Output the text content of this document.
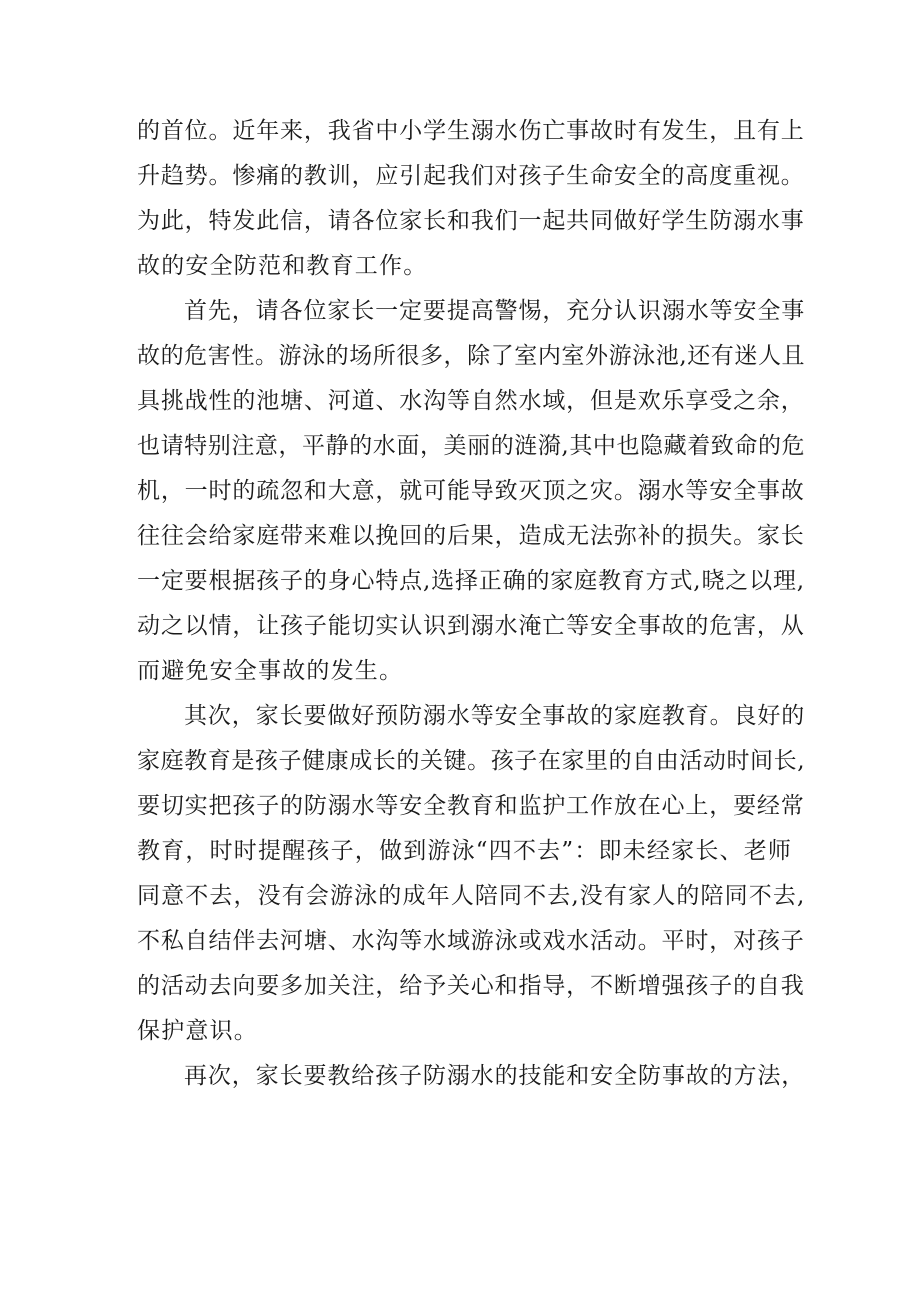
的首位。近年来，我省中小学生溺水伤亡事故时有发生，且有上
升趋势。惨痛的教训，应引起我们对孩子生命安全的高度重视。
为此，特发此信，请各位家长和我们一起共同做好学生防溺水事
故的安全防范和教育工作。
首先，请各位家长一定要提高警惕，充分认识溺水等安全事
故的危害性。游泳的场所很多，除了室内室外游泳池,还有迷人且
具挑战性的池塘、河道、水沟等自然水域，但是欢乐享受之余，
也请特别注意，平静的水面，美丽的涟漪,其中也隐藏着致命的危
机，一时的疏忽和大意，就可能导致灭顶之灾。溺水等安全事故
往往会给家庭带来难以挽回的后果，造成无法弥补的损失。家长
一定要根据孩子的身心特点,选择正确的家庭教育方式,晓之以理,
动之以情，让孩子能切实认识到溺水淹亡等安全事故的危害，从
而避免安全事故的发生。
其次，家长要做好预防溺水等安全事故的家庭教育。良好的
家庭教育是孩子健康成长的关键。孩子在家里的自由活动时间长,
要切实把孩子的防溺水等安全教育和监护工作放在心上，要经常
教育，时时提醒孩子，做到游泳“四不去”：即未经家长、老师
同意不去，没有会游泳的成年人陪同不去,没有家人的陪同不去,
不私自结伴去河塘、水沟等水域游泳或戏水活动。平时，对孩子
的活动去向要多加关注，给予关心和指导，不断增强孩子的自我
保护意识。
再次，家长要教给孩子防溺水的技能和安全防事故的方法，
